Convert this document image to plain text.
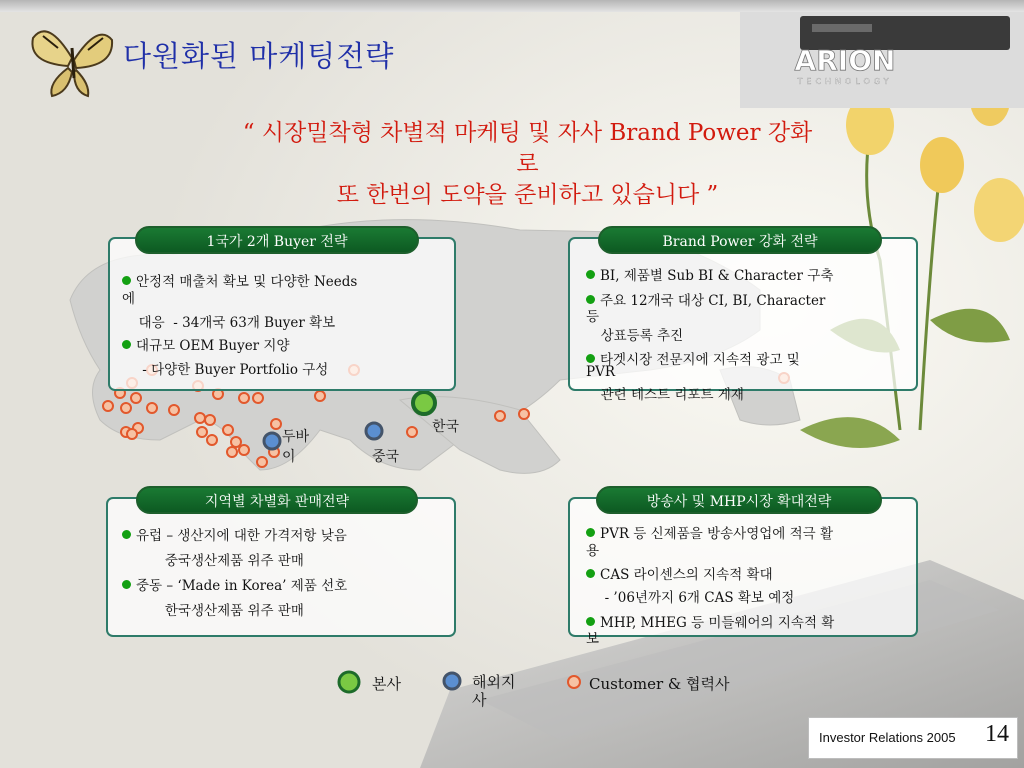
다원화된 마케팅전략	ARION
TECHNOLOGY
“ 시장밀착형 차별적 마케팅 및 자사 Brand Power 강화
로
또 한번의 도약을 준비하고 있습니다 ”
1국가 2개 Buyer 전략
안정적 매출처 확보 및 다양한 Needs
에
대응  - 34개국 63개 Buyer 확보
대규모 OEM Buyer 지양
- 다양한 Buyer Portfolio 구성
Brand Power 강화 전략
BI, 제품별 Sub BI & Character 구축
주요 12개국 대상 CI, BI, Character
등
상표등록 추진
타겟시장 전문지에 지속적 광고 및
PVR
관련 테스트 리포트 게재
두바
이	중국
한국
지역별 차별화 판매전략
유럽 – 생산지에 대한 가격저항 낮음
중국생산제품 위주 판매
중동 – ‘Made in Korea’ 제품 선호
한국생산제품 위주 판매
방송사 및 MHP시장 확대전략
PVR 등 신제품을 방송사영업에 적극 활
용
CAS 라이센스의 지속적 확대
- ’06년까지 6개 CAS 확보 예정
MHP, MHEG 등 미들웨어의 지속적 확
보
본사	해외지
사
Customer & 협력사
Investor Relations 2005 14
